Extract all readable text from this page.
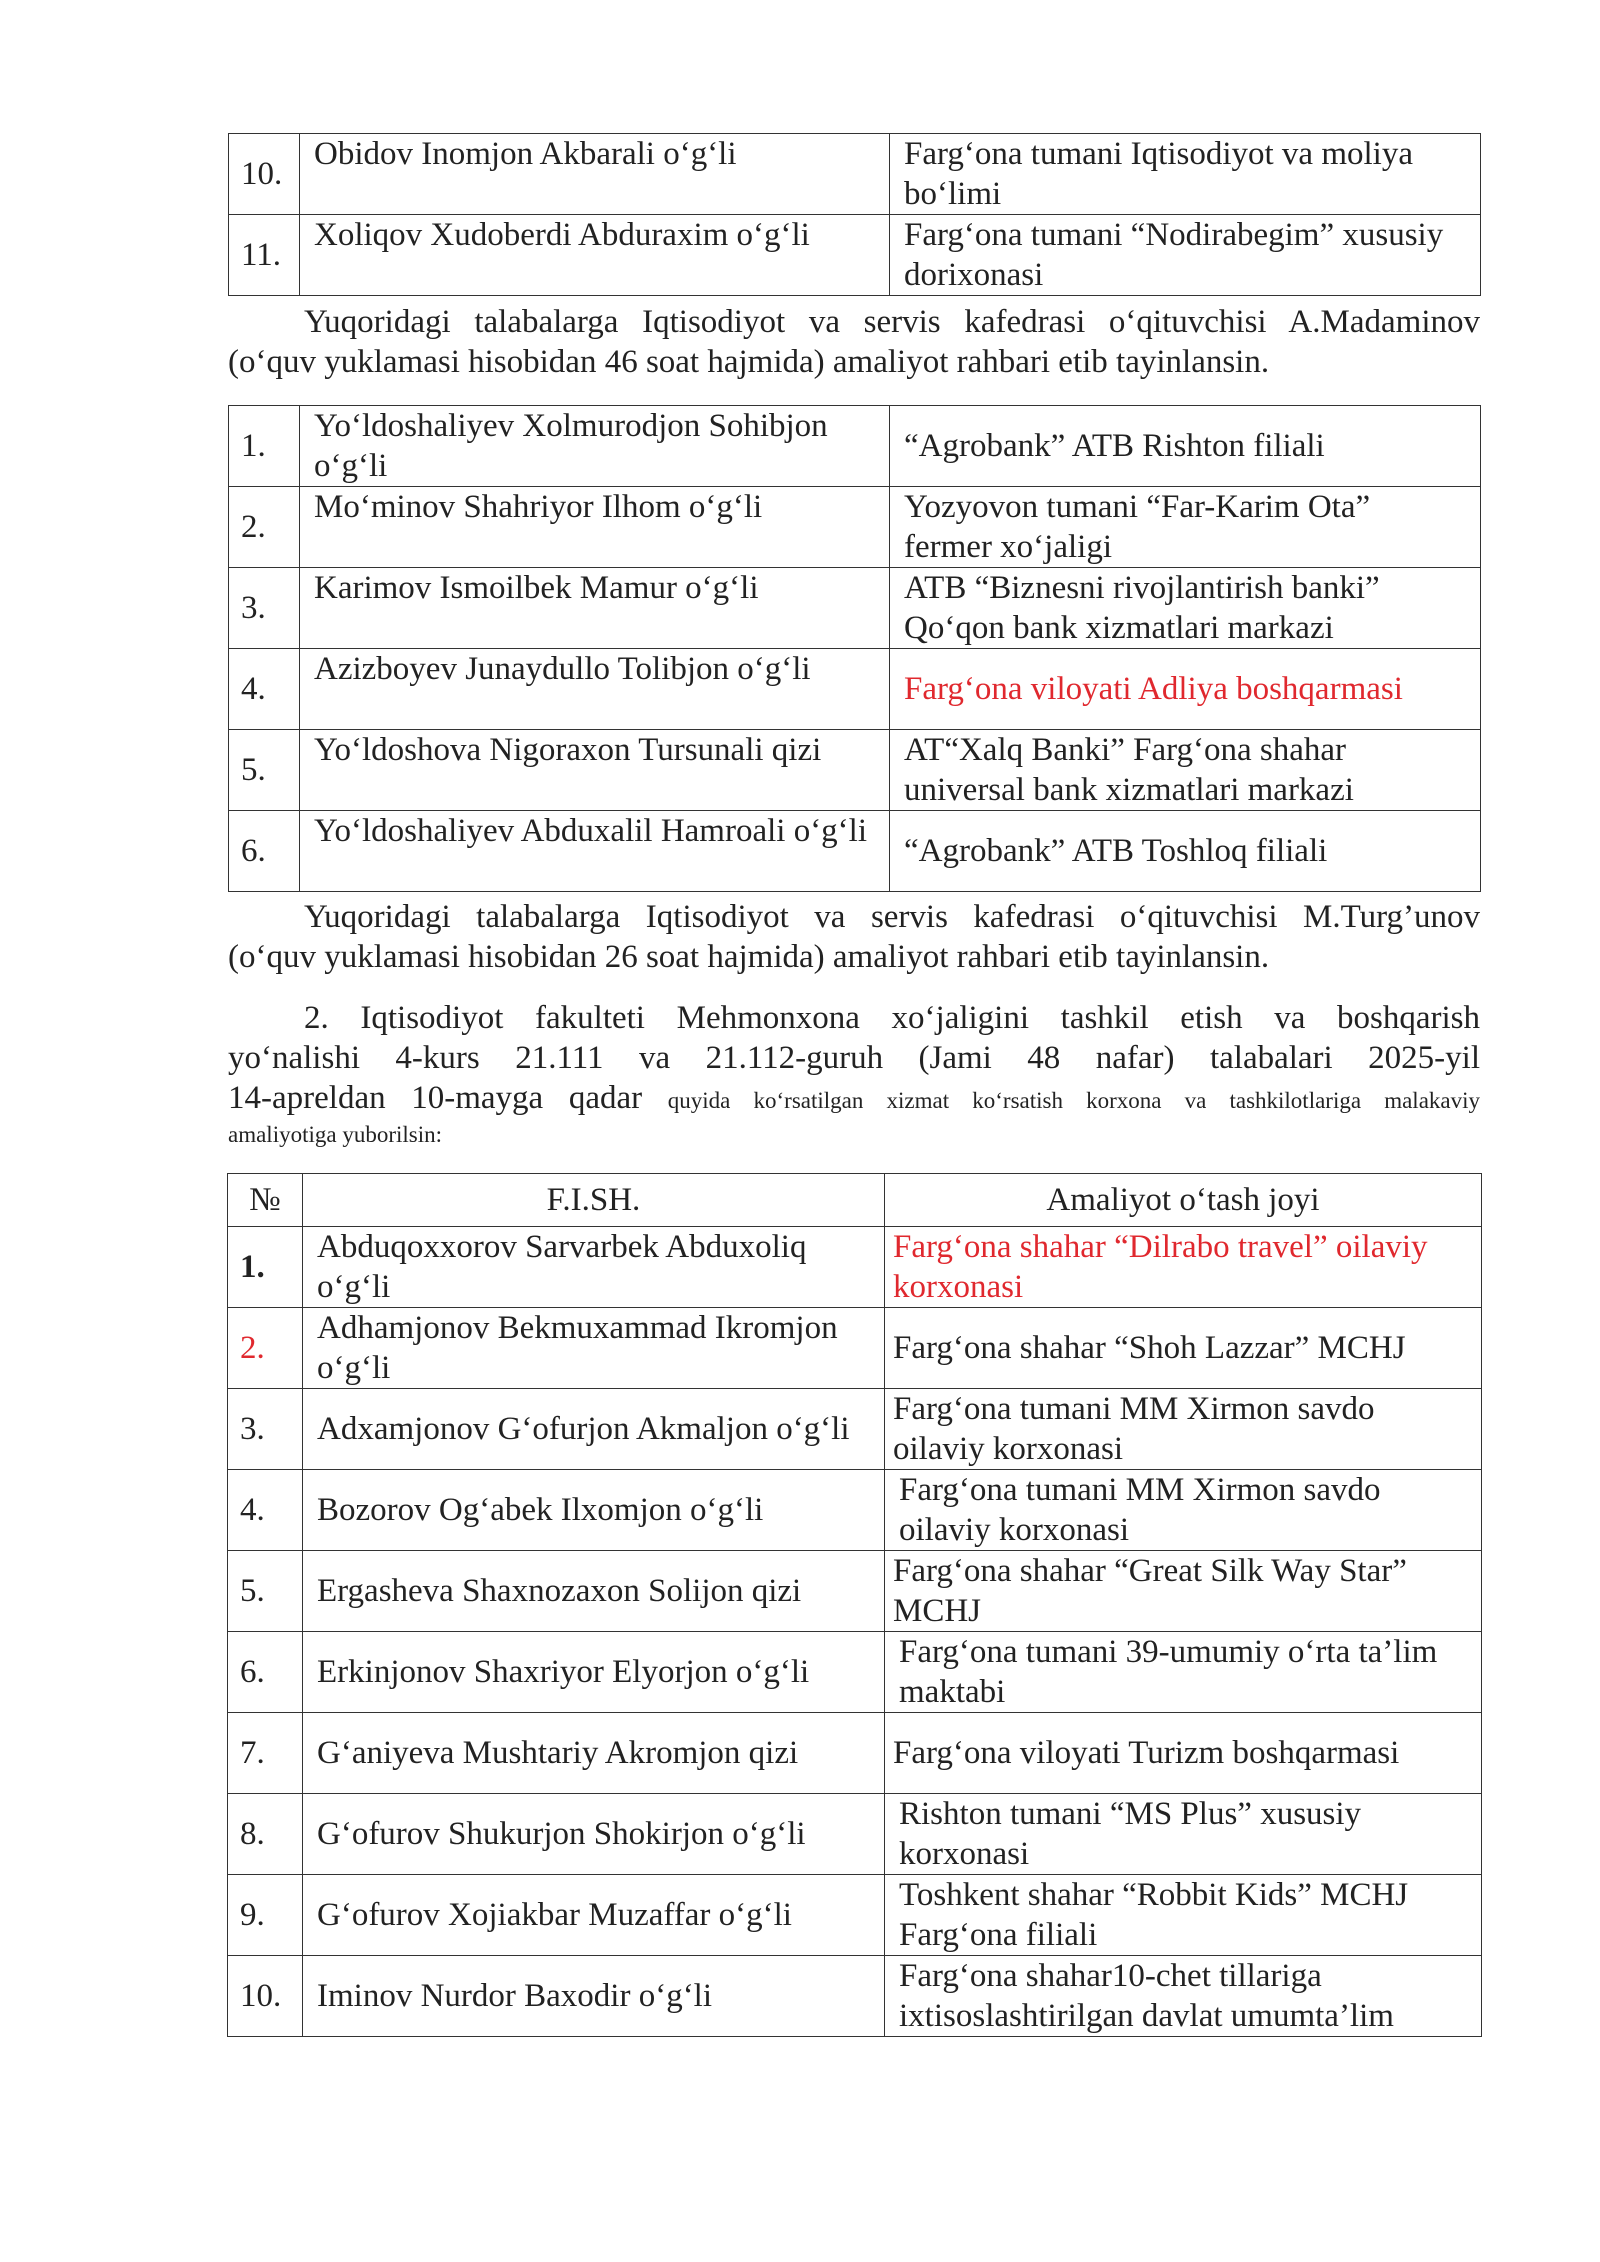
10.	Obidov Inomjon Akbarali o‘g‘li	Farg‘ona tumani Iqtisodiyot va moliya bo‘limi
11.	Xoliqov Xudoberdi Abduraxim o‘g‘li	Farg‘ona tumani “Nodirabegim” xususiy dorixonasi
Yuqoridagi talabalarga Iqtisodiyot va servis kafedrasi o‘qituvchisi A.Madaminov
(o‘quv yuklamasi hisobidan 46 soat hajmida) amaliyot rahbari etib tayinlansin.
1.	Yo‘ldoshaliyev Xolmurodjon Sohibjon o‘g‘li	“Agrobank” ATB Rishton filiali
2.	Mo‘minov Shahriyor Ilhom o‘g‘li	Yozyovon tumani “Far-Karim Ota” fermer xo‘jaligi
3.	Karimov Ismoilbek Mamur o‘g‘li	ATB “Biznesni rivojlantirish banki” Qo‘qon bank xizmatlari markazi
4.	Azizboyev Junaydullo Tolibjon o‘g‘li	Farg‘ona viloyati Adliya boshqarmasi
5.	Yo‘ldoshova Nigoraxon Tursunali qizi	AT“Xalq Banki” Farg‘ona shahar universal bank xizmatlari markazi
6.	Yo‘ldoshaliyev Abduxalil Hamroali o‘g‘li	“Agrobank” ATB Toshloq filiali
Yuqoridagi talabalarga Iqtisodiyot va servis kafedrasi o‘qituvchisi M.Turg’unov
(o‘quv yuklamasi hisobidan 26 soat hajmida) amaliyot rahbari etib tayinlansin.
2. Iqtisodiyot fakulteti Mehmonxona xo‘jaligini tashkil etish va boshqarish
yo‘nalishi 4-kurs 21.111 va 21.112-guruh (Jami 48 nafar) talabalari 2025-yil
14-apreldan 10-mayga qadar quyida ko‘rsatilgan xizmat ko‘rsatish korxona va tashkilotlariga malakaviy
amaliyotiga yuborilsin:
№	F.I.SH.	Amaliyot o‘tash joyi
1.	Abduqoxxorov Sarvarbek Abduxoliq o‘g‘li	Farg‘ona shahar “Dilrabo travel” oilaviy korxonasi
2.	Adhamjonov Bekmuxammad Ikromjon o‘g‘li	Farg‘ona shahar “Shoh Lazzar” MCHJ
3.	Adxamjonov G‘ofurjon Akmaljon o‘g‘li	Farg‘ona tumani MM Xirmon savdo oilaviy korxonasi
4.	Bozorov Og‘abek Ilxomjon o‘g‘li	Farg‘ona tumani MM Xirmon savdo oilaviy korxonasi
5.	Ergasheva Shaxnozaxon Solijon qizi	Farg‘ona shahar “Great Silk Way Star” MCHJ
6.	Erkinjonov Shaxriyor Elyorjon o‘g‘li	Farg‘ona tumani 39-umumiy o‘rta ta’lim maktabi
7.	G‘aniyeva Mushtariy Akromjon qizi	Farg‘ona viloyati Turizm boshqarmasi
8.	G‘ofurov Shukurjon Shokirjon o‘g‘li	Rishton tumani “MS Plus” xususiy korxonasi
9.	G‘ofurov Xojiakbar Muzaffar o‘g‘li	Toshkent shahar “Robbit Kids” MCHJ Farg‘ona filiali
10.	Iminov Nurdor Baxodir o‘g‘li	Farg‘ona shahar10-chet tillariga ixtisoslashtirilgan davlat umumta’lim
